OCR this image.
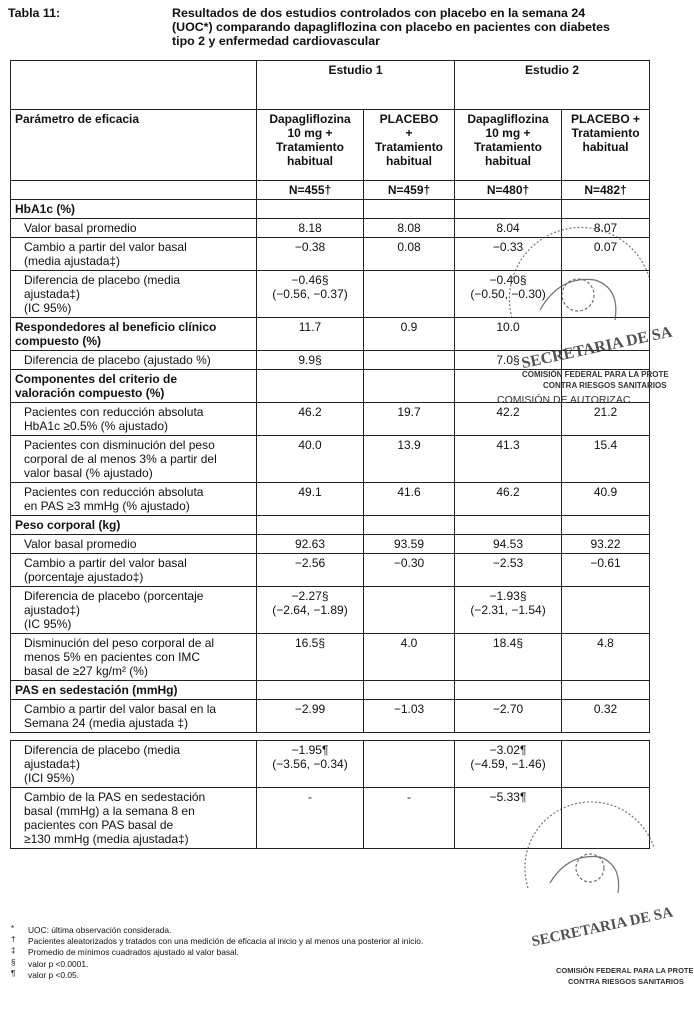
Tabla 11:	Resultados de dos estudios controlados con placebo en la semana 24
(UOC*) comparando dapagliflozina con placebo en pacientes con diabetes
tipo 2 y enfermedad cardiovascular
	Estudio 1		Estudio 2	
Parámetro de eficacia	Dapagliflozina
10 mg +
Tratamiento
habitual	PLACEBO
+
Tratamiento
habitual	Dapagliflozina
10 mg +
Tratamiento
habitual	PLACEBO +
Tratamiento
habitual
	N=455†	N=459†	N=480†	N=482†
HbA1c (%)				
Valor basal promedio	8.18	8.08	8.04	8.07
Cambio a partir del valor basal
(media ajustada‡)	−0.38	0.08	−0.33	0.07
Diferencia de placebo (media
ajustada‡)
(IC 95%)	−0.46§
(−0.56, −0.37)		−0.40§
(−0.50, −0.30)	
Respondedores al beneficio clínico
compuesto (%)	11.7	0.9	10.0	
Diferencia de placebo (ajustado %)	9.9§		7.0§	
Componentes del criterio de
valoración compuesto (%)				
Pacientes con reducción absoluta
HbA1c ≥0.5% (% ajustado)	46.2	19.7	42.2	21.2
Pacientes con disminución del peso
corporal de al menos 3% a partir del
valor basal (% ajustado)	40.0	13.9	41.3	15.4
Pacientes con reducción absoluta
en PAS ≥3 mmHg (% ajustado)	49.1	41.6	46.2	40.9
Peso corporal (kg)				
Valor basal promedio	92.63	93.59	94.53	93.22
Cambio a partir del valor basal
(porcentaje ajustado‡)	−2.56	−0.30	−2.53	−0.61
Diferencia de placebo (porcentaje
ajustado‡)
(IC 95%)	−2.27§
(−2.64, −1.89)		−1.93§
(−2.31, −1.54)	
Disminución del peso corporal de al
menos 5% en pacientes con IMC
basal de ≥27 kg/m² (%)	16.5§	4.0	18.4§	4.8
PAS en sedestación (mmHg)				
Cambio a partir del valor basal en la
Semana 24 (media ajustada ‡)	−2.99	−1.03	−2.70	0.32

Diferencia de placebo (media
ajustada‡)
(ICI 95%)	−1.95¶
(−3.56, −0.34)		−3.02¶
(−4.59, −1.46)	
Cambio de la PAS en sedestación
basal (mmHg) a la semana 8 en
pacientes con PAS basal de
≥130 mmHg (media ajustada‡)	-	-	−5.33¶	
* UOC: última observación considerada.
† Pacientes aleatorizados y tratados con una medición de eficacia al inicio y al menos una posterior al inicio.
‡ Promedio de mínimos cuadrados ajustado al valor basal.
§ valor p <0.0001.
¶ valor p <0.05.
SECRETARIA DE SA
COMISIÓN FEDERAL PARA LA PROTE
CONTRA RIESGOS SANITARIOS
COMISIÓN DE AUTORIZAC
SECRETARIA DE SA
COMISIÓN FEDERAL PARA LA PROTE
CONTRA RIESGOS SANITARIOS
